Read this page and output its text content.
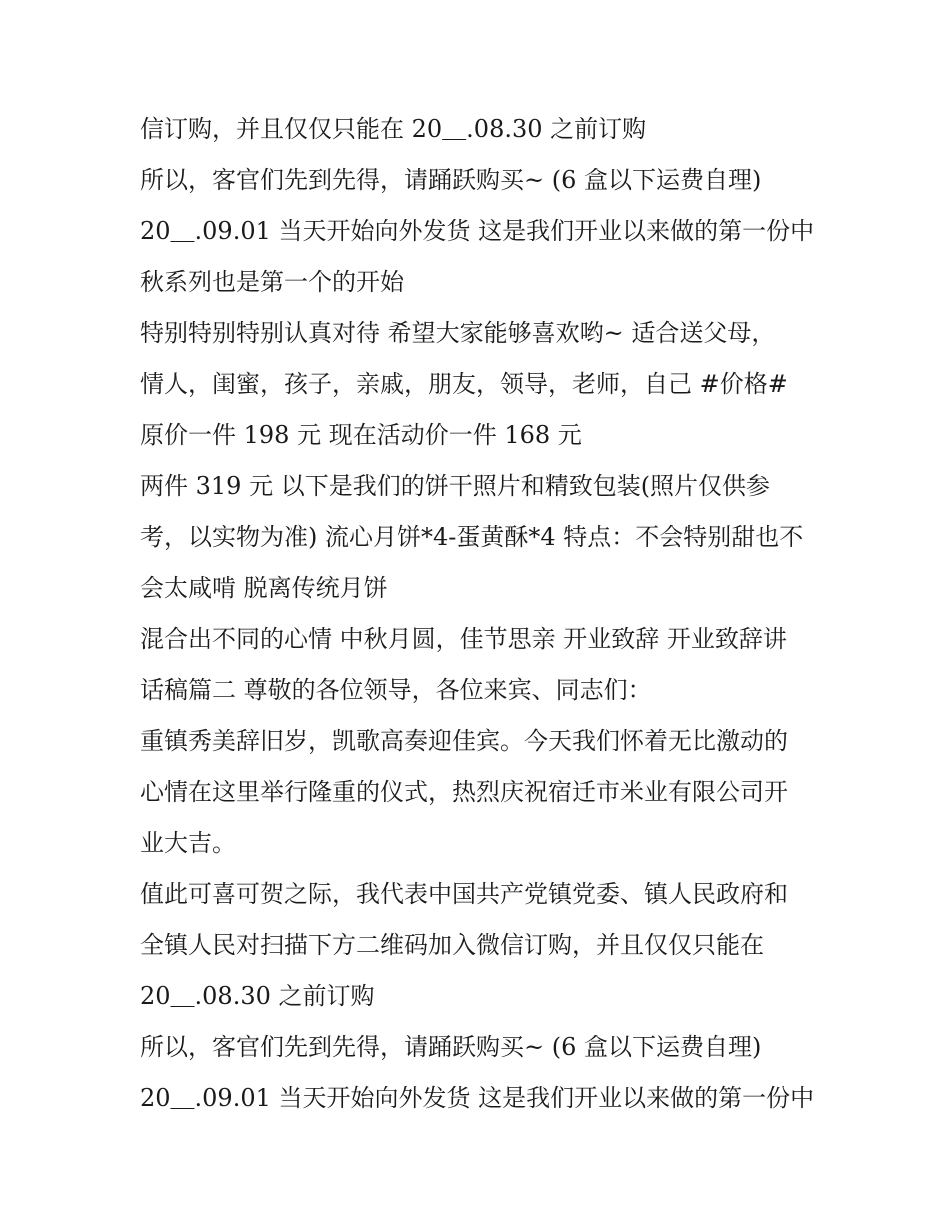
信订购，并且仅仅只能在 20＿.08.30 之前订购
所以，客官们先到先得，请踊跃购买~ (6 盒以下运费自理)
20＿.09.01 当天开始向外发货 这是我们开业以来做的第一份中
秋系列也是第一个的开始
特别特别特别认真对待 希望大家能够喜欢哟~ 适合送父母，
情人，闺蜜，孩子，亲戚，朋友，领导，老师，自己 #价格#
原价一件 198 元 现在活动价一件 168 元
两件 319 元 以下是我们的饼干照片和精致包装(照片仅供参
考，以实物为准) 流心月饼*4-蛋黄酥*4 特点：不会特别甜也不
会太咸啃 脱离传统月饼
混合出不同的心情 中秋月圆，佳节思亲 开业致辞 开业致辞讲
话稿篇二 尊敬的各位领导，各位来宾、同志们：
重镇秀美辞旧岁，凯歌高奏迎佳宾。今天我们怀着无比激动的
心情在这里举行隆重的仪式，热烈庆祝宿迁市米业有限公司开
业大吉。
值此可喜可贺之际，我代表中国共产党镇党委、镇人民政府和
全镇人民对扫描下方二维码加入微信订购，并且仅仅只能在
20＿.08.30 之前订购
所以，客官们先到先得，请踊跃购买~ (6 盒以下运费自理)
20＿.09.01 当天开始向外发货 这是我们开业以来做的第一份中
